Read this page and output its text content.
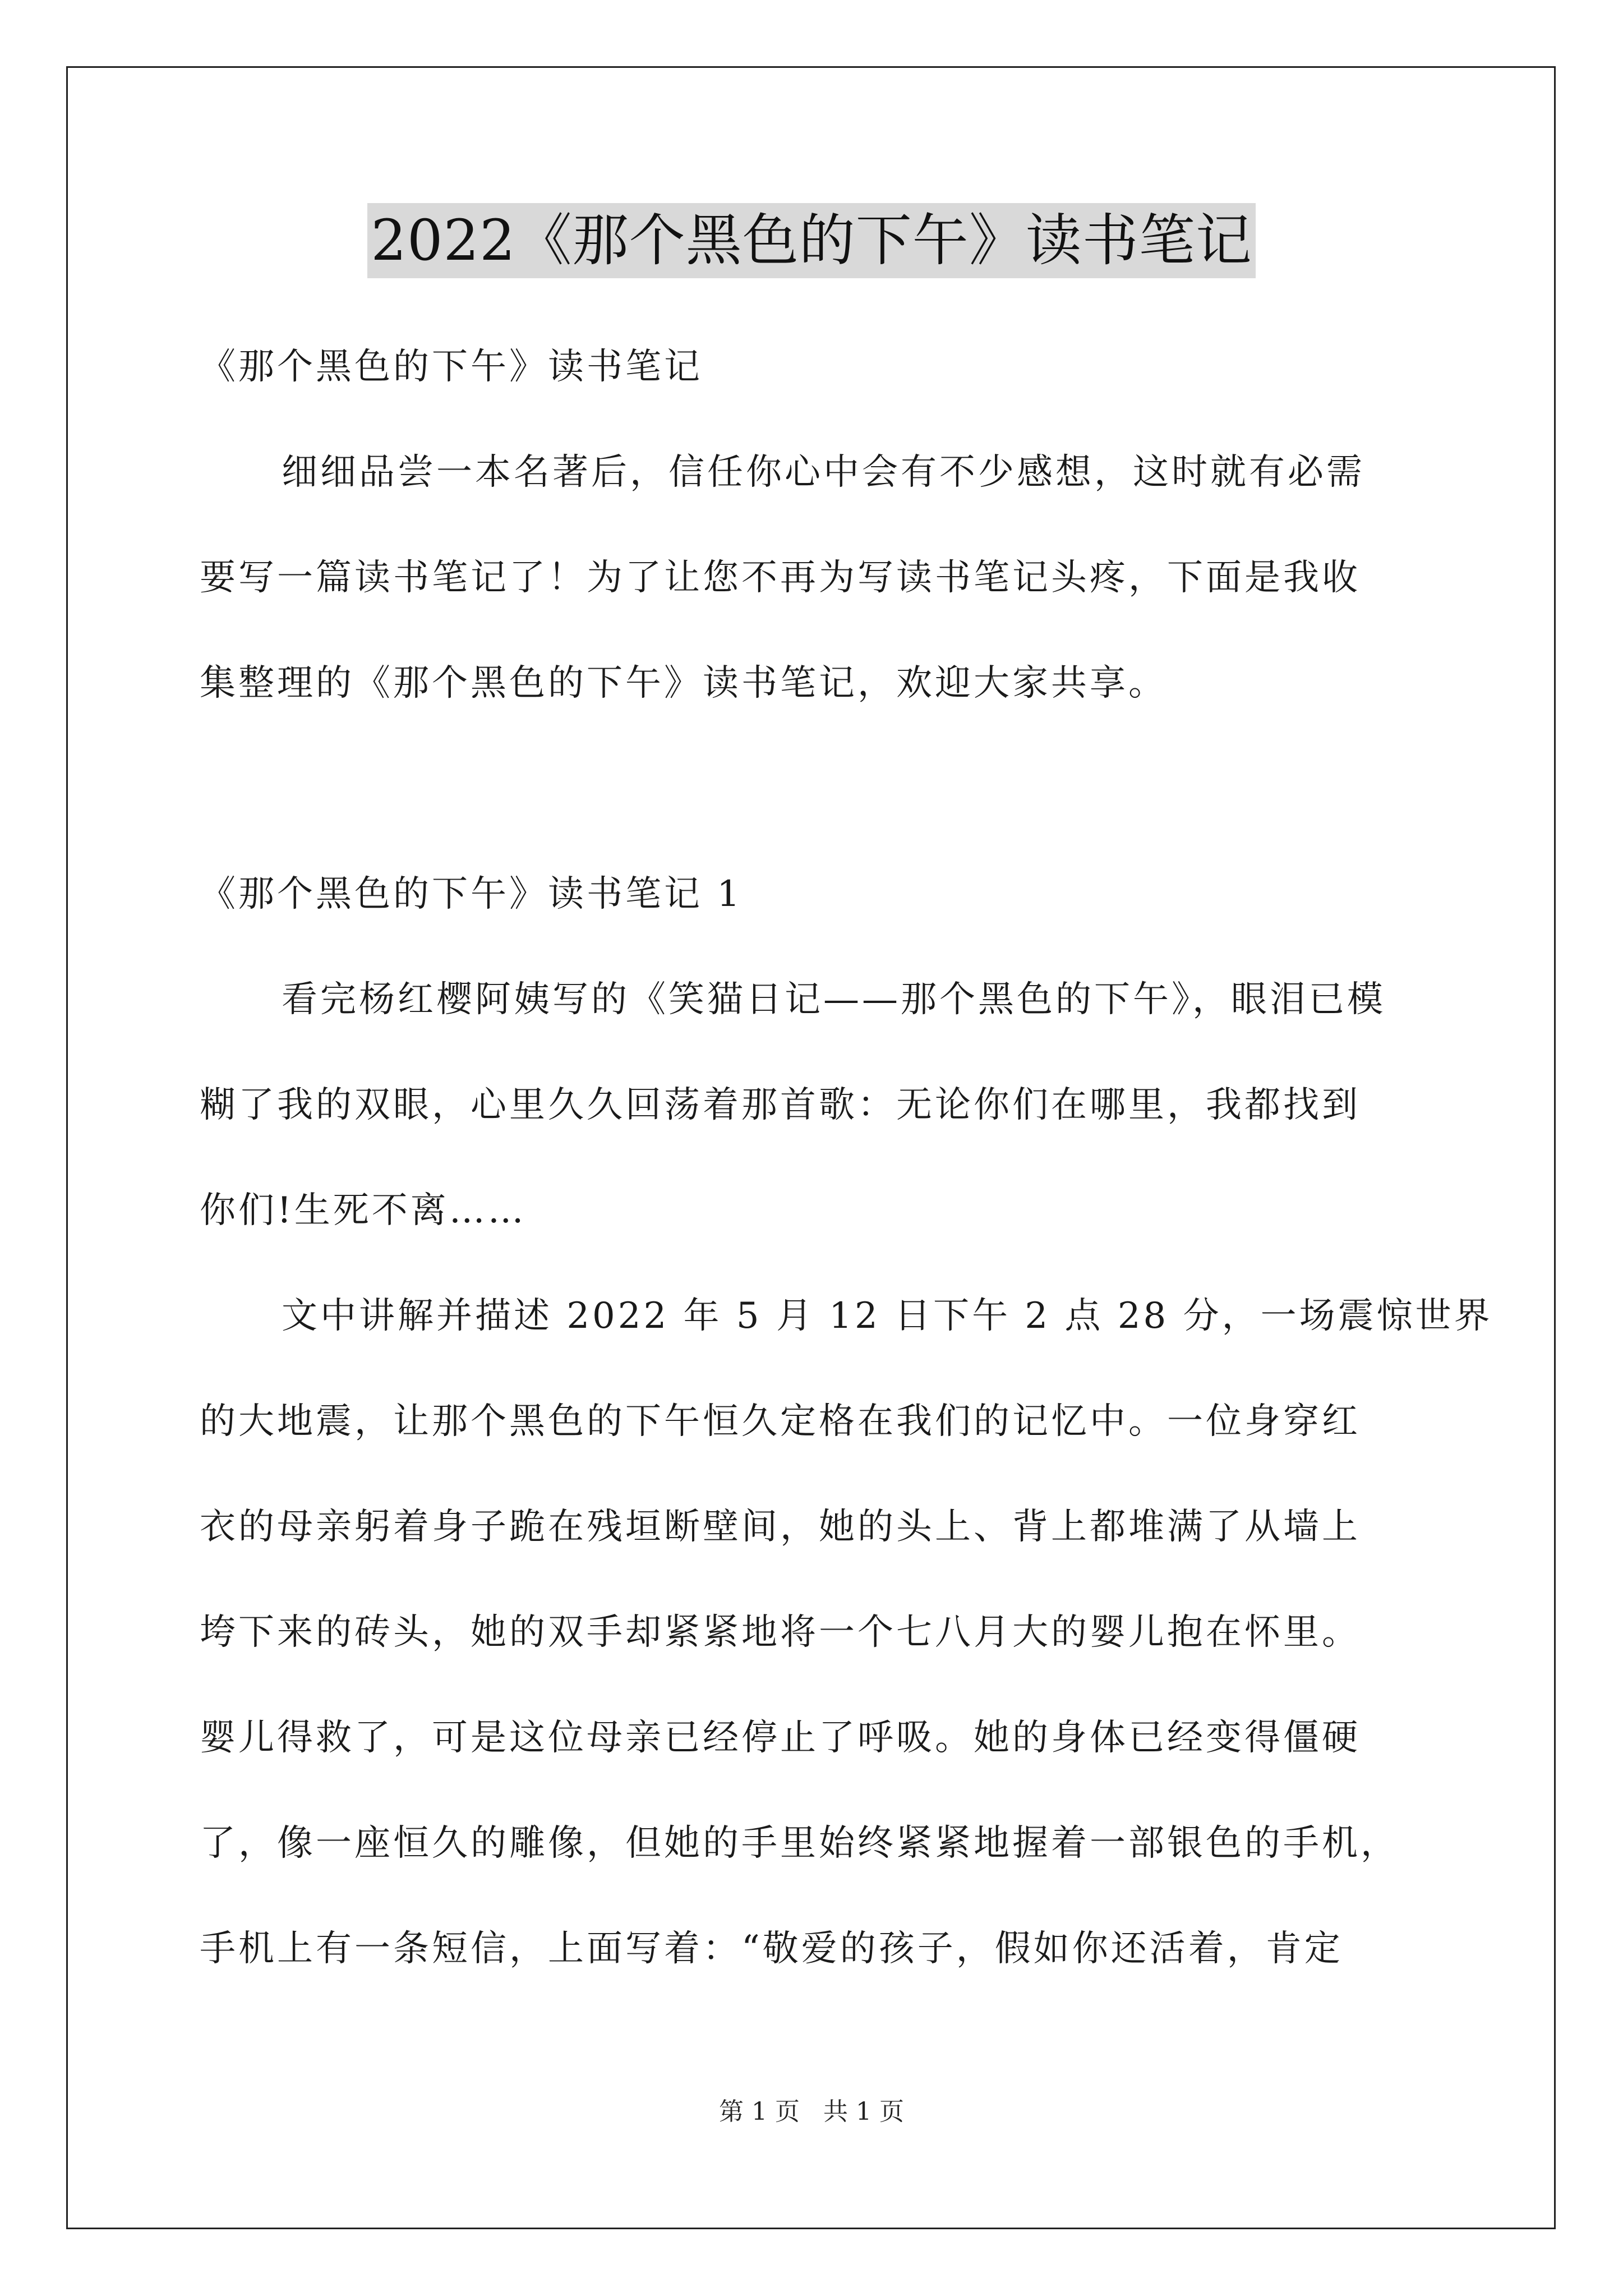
2022《那个黑色的下午》读书笔记
《那个黑色的下午》读书笔记
细细品尝一本名著后，信任你心中会有不少感想，这时就有必需
要写一篇读书笔记了！为了让您不再为写读书笔记头疼，下面是我收
集整理的《那个黑色的下午》读书笔记，欢迎大家共享。
《那个黑色的下午》读书笔记 1
看完杨红樱阿姨写的《笑猫日记——那个黑色的下午》，眼泪已模
糊了我的双眼，心里久久回荡着那首歌：无论你们在哪里，我都找到
你们!生死不离……
文中讲解并描述 2022 年 5 月 12 日下午 2 点 28 分，一场震惊世界
的大地震，让那个黑色的下午恒久定格在我们的记忆中。一位身穿红
衣的母亲躬着身子跪在残垣断壁间，她的头上、背上都堆满了从墙上
垮下来的砖头，她的双手却紧紧地将一个七八月大的婴儿抱在怀里。
婴儿得救了，可是这位母亲已经停止了呼吸。她的身体已经变得僵硬
了，像一座恒久的雕像，但她的手里始终紧紧地握着一部银色的手机，
手机上有一条短信，上面写着：“敬爱的孩子，假如你还活着，肯定
第 1 页   共 1 页
